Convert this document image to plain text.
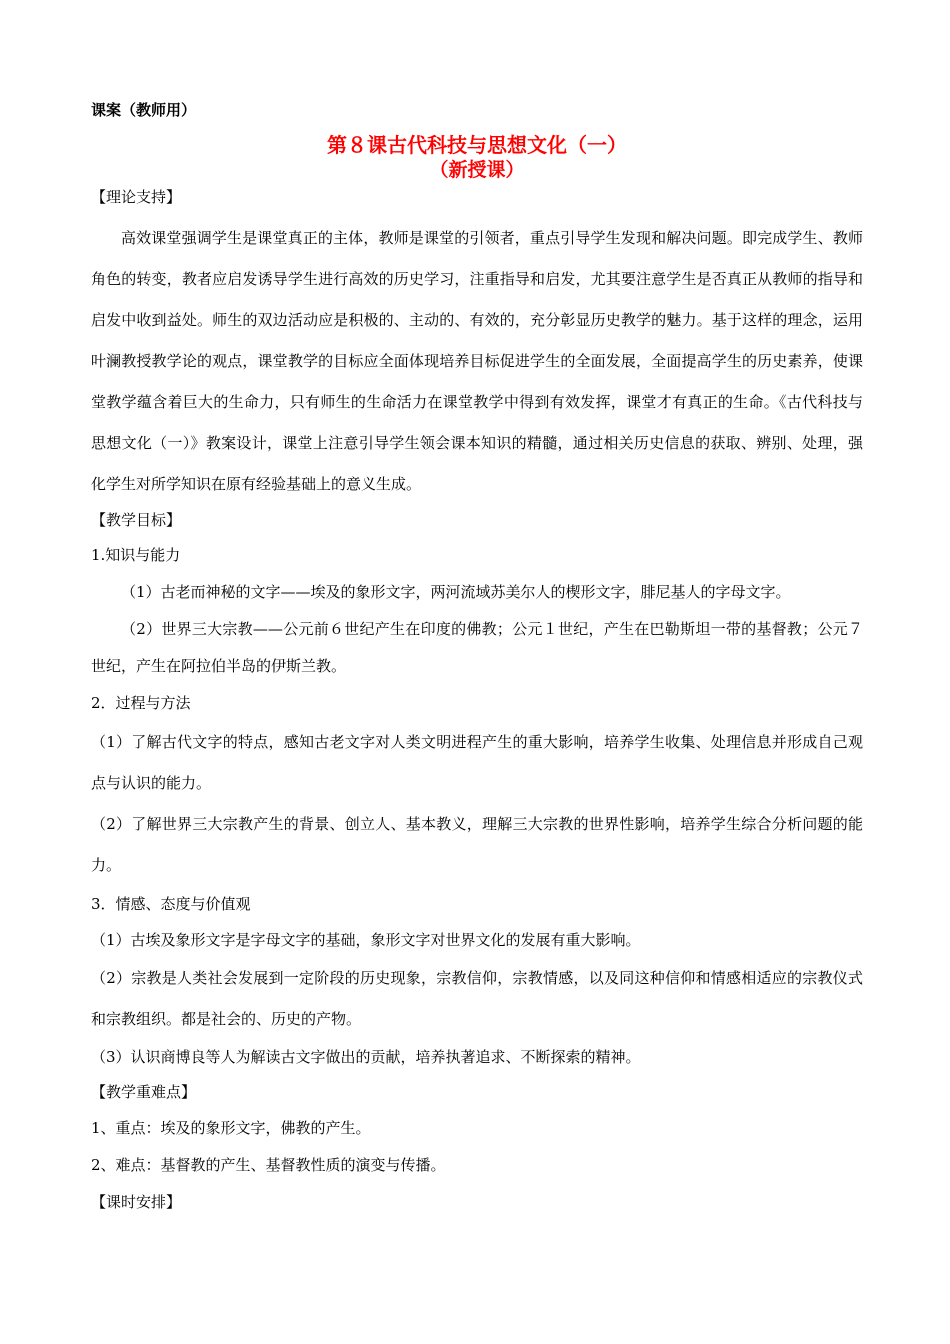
课案（教师用）

第８课古代科技与思想文化（一）

（新授课）

【理论支持】

高效课堂强调学生是课堂真正的主体，教师是课堂的引领者，重点引导学生发现和解决问题。即完成学生、教师角色的转变，教者应启发诱导学生进行高效的历史学习，注重指导和启发，尤其要注意学生是否真正从教师的指导和启发中收到益处。师生的双边活动应是积极的、主动的、有效的，充分彰显历史教学的魅力。基于这样的理念，运用叶澜教授教学论的观点，课堂教学的目标应全面体现培养目标促进学生的全面发展，全面提高学生的历史素养，使课堂教学蕴含着巨大的生命力，只有师生的生命活力在课堂教学中得到有效发挥，课堂才有真正的生命。《古代科技与思想文化（一）》教案设计，课堂上注意引导学生领会课本知识的精髓，通过相关历史信息的获取、辨别、处理，强化学生对所学知识在原有经验基础上的意义生成。

【教学目标】

1.知识与能力

（1）古老而神秘的文字——埃及的象形文字，两河流域苏美尔人的楔形文字，腓尼基人的字母文字。

（2）世界三大宗教——公元前６世纪产生在印度的佛教；公元１世纪，产生在巴勒斯坦一带的基督教；公元７世纪，产生在阿拉伯半岛的伊斯兰教。

2．过程与方法

（1）了解古代文字的特点，感知古老文字对人类文明进程产生的重大影响，培养学生收集、处理信息并形成自己观点与认识的能力。

（2）了解世界三大宗教产生的背景、创立人、基本教义，理解三大宗教的世界性影响，培养学生综合分析问题的能力。

3．情感、态度与价值观

（1）古埃及象形文字是字母文字的基础，象形文字对世界文化的发展有重大影响。

（2）宗教是人类社会发展到一定阶段的历史现象，宗教信仰，宗教情感，以及同这种信仰和情感相适应的宗教仪式和宗教组织。都是社会的、历史的产物。

（3）认识商博良等人为解读古文字做出的贡献，培养执著追求、不断探索的精神。

【教学重难点】

1、重点：埃及的象形文字，佛教的产生。

2、难点：基督教的产生、基督教性质的演变与传播。

【课时安排】
